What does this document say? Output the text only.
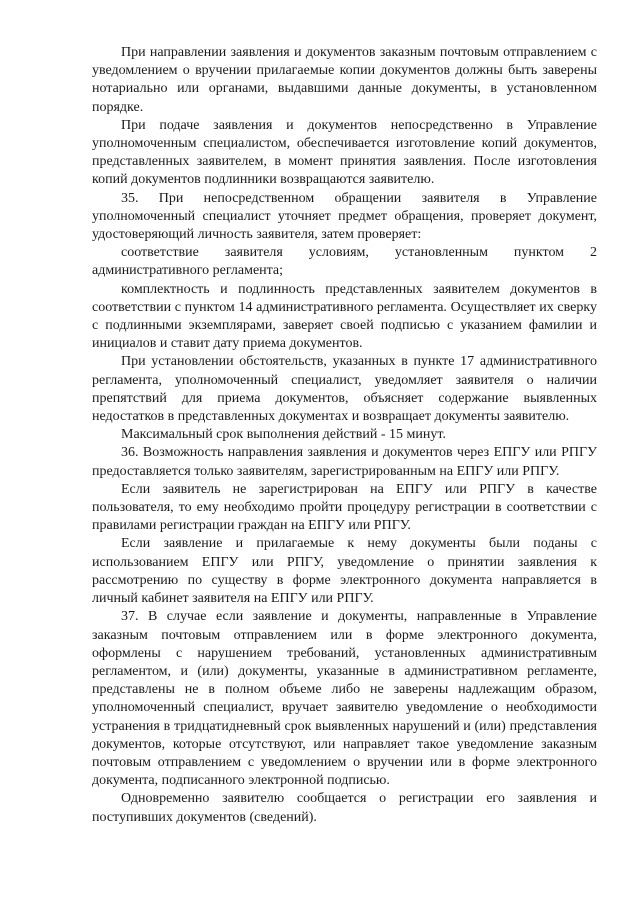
При направлении заявления и документов заказным почтовым отправлением с уведомлением о вручении прилагаемые копии документов должны быть заверены нотариально или органами, выдавшими данные документы, в установленном порядке.

При подаче заявления и документов непосредственно в Управление уполномоченным специалистом, обеспечивается изготовление копий документов, представленных заявителем, в момент принятия заявления. После изготовления копий документов подлинники возвращаются заявителю.

35. При непосредственном обращении заявителя в Управление уполномоченный специалист уточняет предмет обращения, проверяет документ, удостоверяющий личность заявителя, затем проверяет:

соответствие заявителя условиям, установленным пунктом 2 административного регламента;

комплектность и подлинность представленных заявителем документов в соответствии с пунктом 14 административного регламента. Осуществляет их сверку с подлинными экземплярами, заверяет своей подписью с указанием фамилии и инициалов и ставит дату приема документов.

При установлении обстоятельств, указанных в пункте 17 административного регламента, уполномоченный специалист, уведомляет заявителя о наличии препятствий для приема документов, объясняет содержание выявленных недостатков в представленных документах и возвращает документы заявителю.

Максимальный срок выполнения действий - 15 минут.

36. Возможность направления заявления и документов через ЕПГУ или РПГУ предоставляется только заявителям, зарегистрированным на ЕПГУ или РПГУ.

Если заявитель не зарегистрирован на ЕПГУ или РПГУ в качестве пользователя, то ему необходимо пройти процедуру регистрации в соответствии с правилами регистрации граждан на ЕПГУ или РПГУ.

Если заявление и прилагаемые к нему документы были поданы с использованием ЕПГУ или РПГУ, уведомление о принятии заявления к рассмотрению по существу в форме электронного документа направляется в личный кабинет заявителя на ЕПГУ или РПГУ.

37. В случае если заявление и документы, направленные в Управление заказным почтовым отправлением или в форме электронного документа, оформлены с нарушением требований, установленных административным регламентом, и (или) документы, указанные в административном регламенте, представлены не в полном объеме либо не заверены надлежащим образом, уполномоченный специалист, вручает заявителю уведомление о необходимости устранения в тридцатидневный срок выявленных нарушений и (или) представления документов, которые отсутствуют, или направляет такое уведомление заказным почтовым отправлением с уведомлением о вручении или в форме электронного документа, подписанного электронной подписью.

Одновременно заявителю сообщается о регистрации его заявления и поступивших документов (сведений).
